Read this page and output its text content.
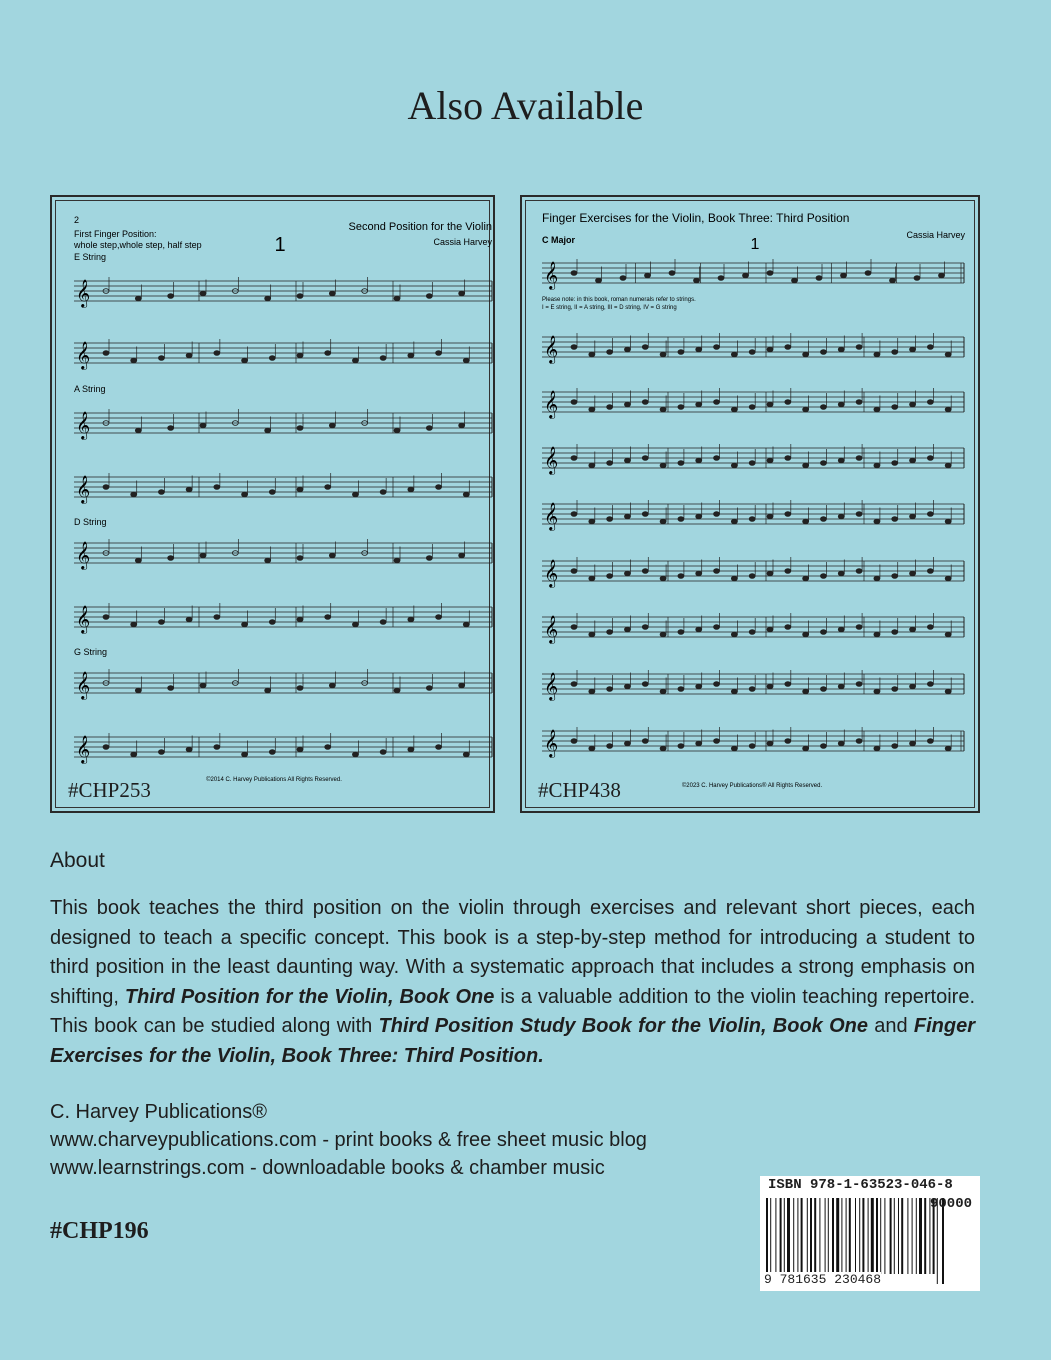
Also Available
2
First Finger Position:
whole step,whole step, half step
Second Position for the Violin
Cassia Harvey
1
𝄞
𝄞
𝄞
𝄞
𝄞
𝄞
𝄞
𝄞
E String
A String
D String
G String
©2014 C. Harvey Publications All Rights Reserved.
#CHP253
Finger Exercises for the Violin, Book Three: Third Position
C Major	Cassia Harvey
1
Please note: in this book, roman numerals refer to strings.
I = E string, II = A string, III = D string, IV = G string
𝄞
𝄞
𝄞
𝄞
𝄞
𝄞
𝄞
𝄞
𝄞
©2023 C. Harvey Publications® All Rights Reserved.
#CHP438
About
This book teaches the third position on the violin through exercises and relevant short pieces, each designed to teach a specific concept. This book is a step-by-step method for introducing a student to third position in the least daunting way. With a systematic approach that includes a strong emphasis on shifting, Third Position for the Violin, Book One is a valuable addition to the violin teaching repertoire. This book can be studied along with Third Position Study Book for the Violin, Book One and Finger Exercises for the Violin, Book Three: Third Position.
C. Harvey Publications®
www.charveypublications.com - print books & free sheet music blog
www.learnstrings.com - downloadable books & chamber music
#CHP196
ISBN 978-1-63523-046-8
90000
9 781635 230468
